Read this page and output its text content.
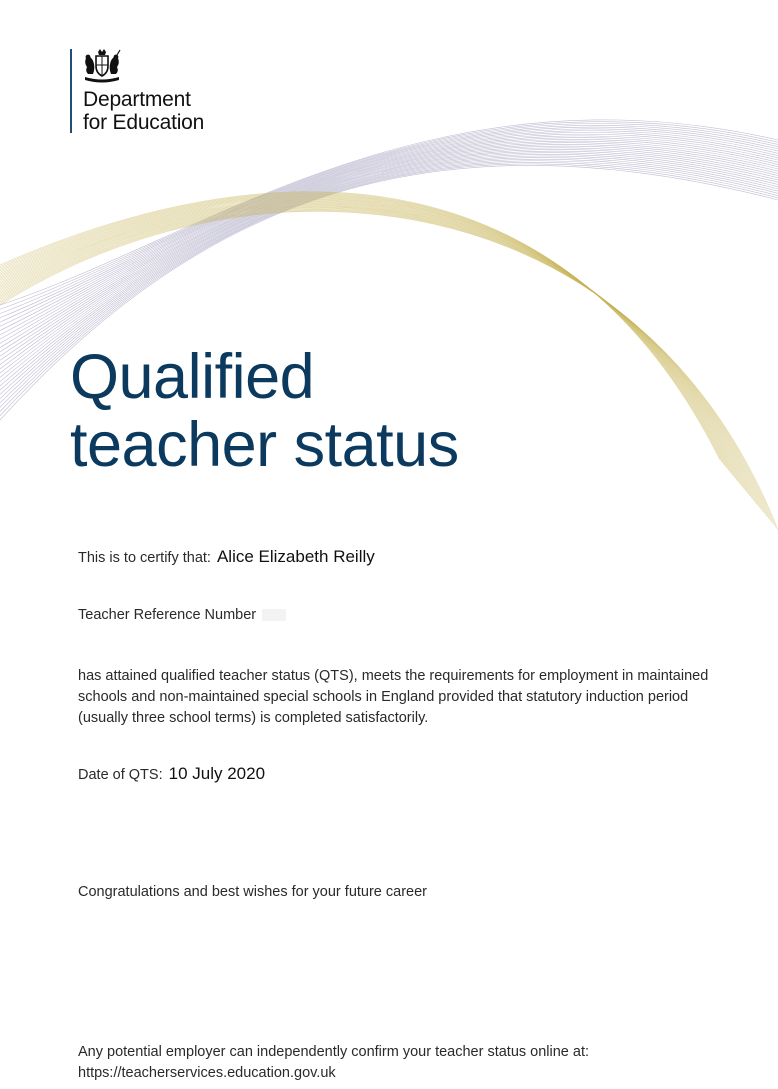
Department
for Education
Qualified
teacher status
This is to certify that: Alice Elizabeth Reilly
Teacher Reference Number

has attained qualified teacher status (QTS), meets the requirements for employment in maintained schools and non-maintained special schools in England provided that statutory induction period (usually three school terms) is completed satisfactorily.

Date of QTS: 10 July 2020

Congratulations and best wishes for your future career

Any potential employer can independently confirm your teacher status online at:
https://teacherservices.education.gov.uk
